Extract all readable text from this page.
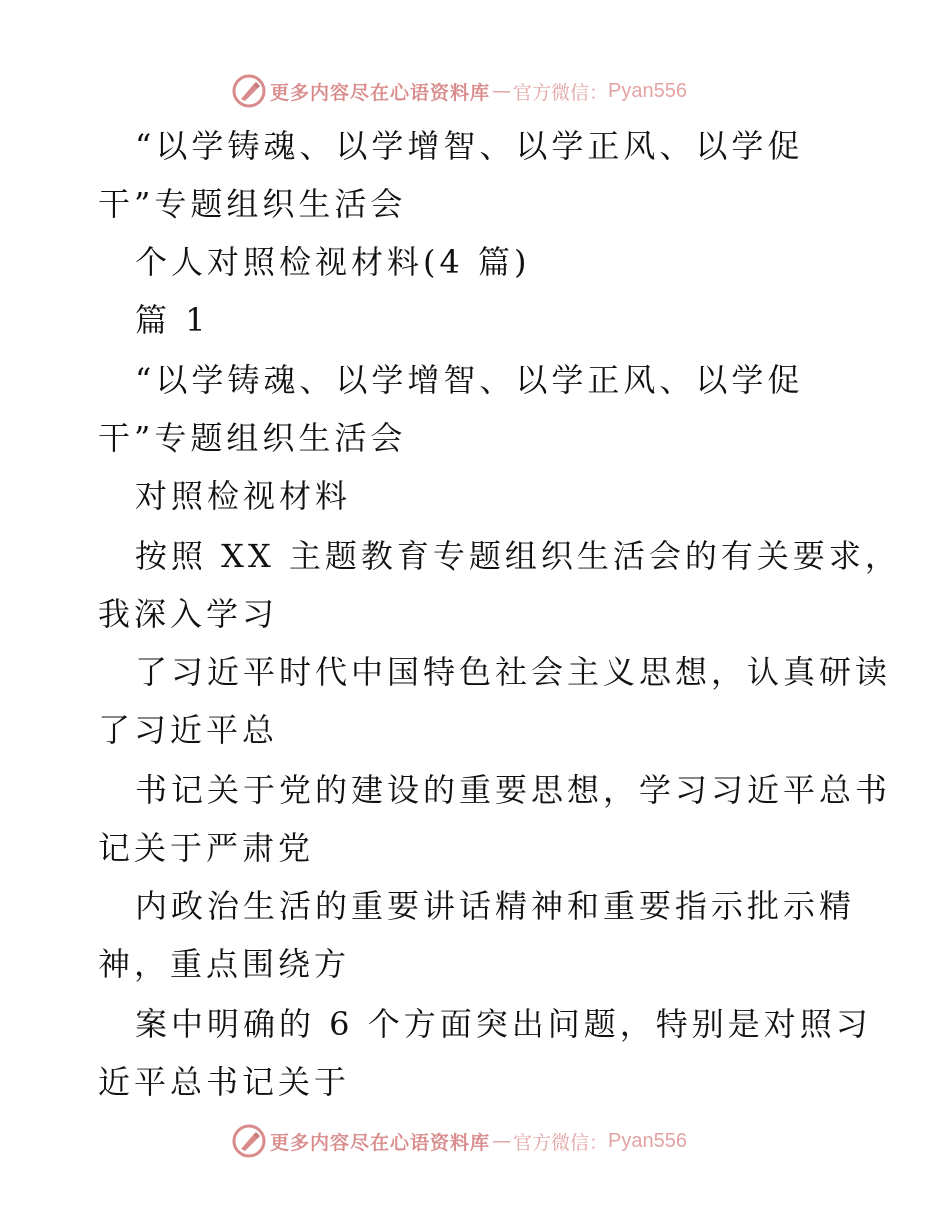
更多内容尽在心语资料库 — 官方微信： Pyan556
“以学铸魂、以学增智、以学正风、以学促
干”专题组织生活会
个人对照检视材料(4 篇)
篇 1
“以学铸魂、以学增智、以学正风、以学促
干”专题组织生活会
对照检视材料
按照 XX 主题教育专题组织生活会的有关要求，
我深入学习
了习近平时代中国特色社会主义思想，认真研读
了习近平总
书记关于党的建设的重要思想，学习习近平总书
记关于严肃党
内政治生活的重要讲话精神和重要指示批示精
神，重点围绕方
案中明确的 6 个方面突出问题，特别是对照习
近平总书记关于
更多内容尽在心语资料库 — 官方微信： Pyan556
